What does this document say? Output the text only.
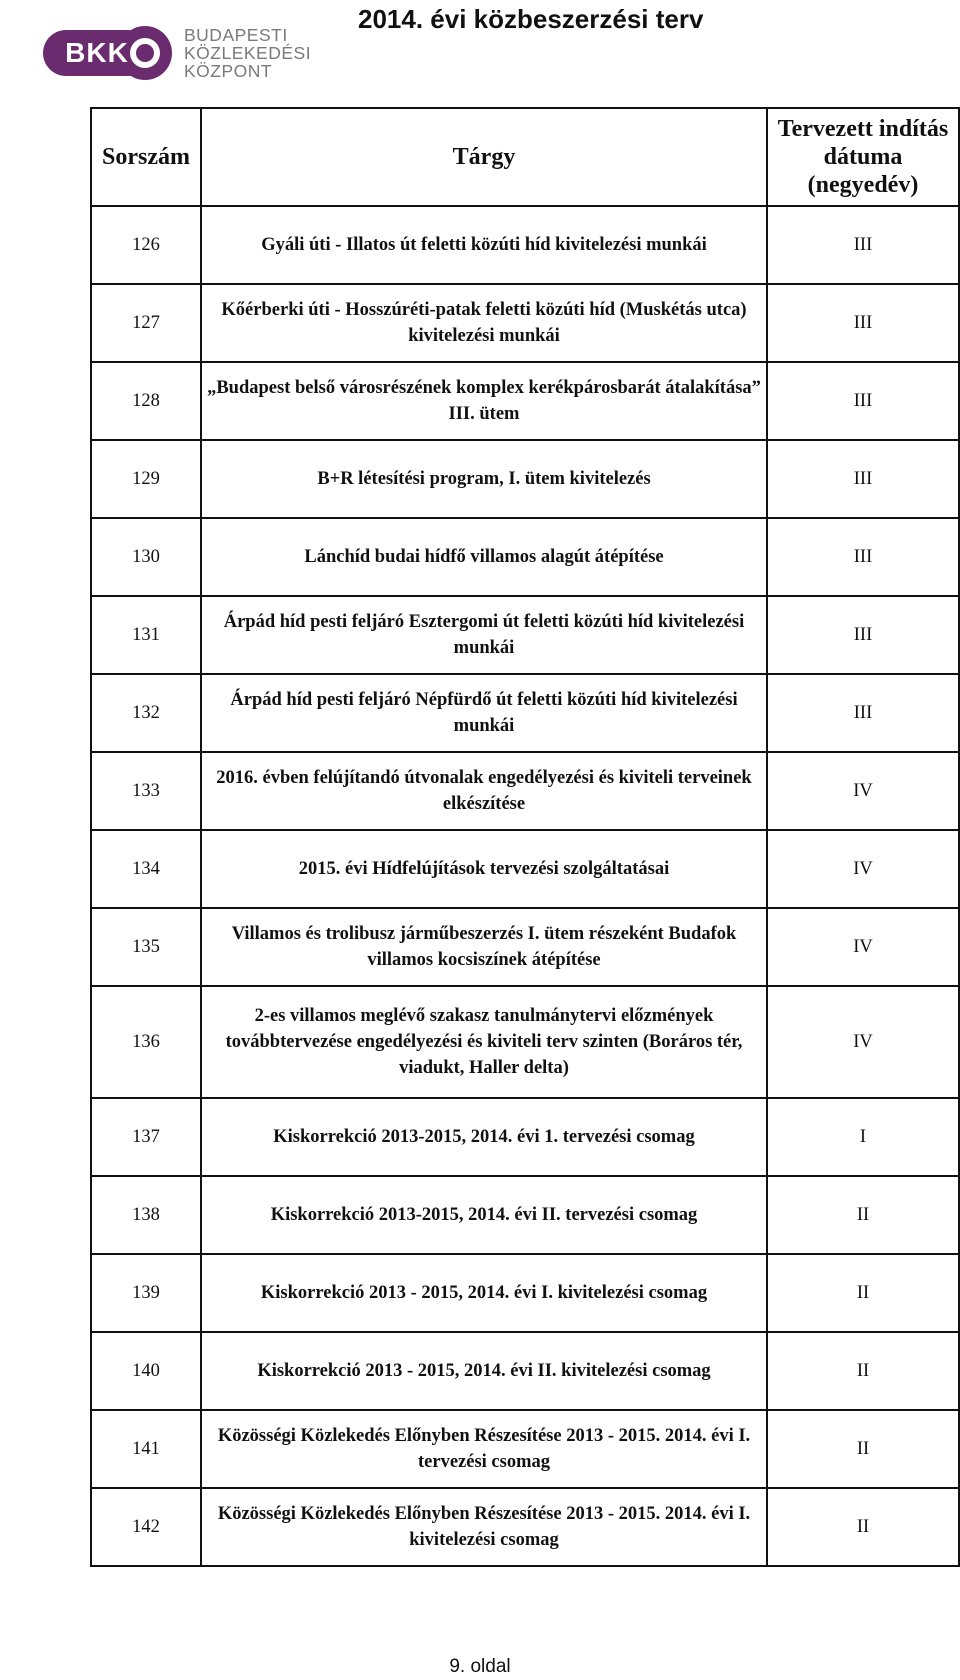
BKK
BUDAPESTI
KÖZLEKEDÉSI
KÖZPONT
2014. évi közbeszerzési terv
Sorszám	Tárgy	Tervezett indítás dátuma (negyedév)
126	Gyáli úti - Illatos út feletti közúti híd kivitelezési munkái	III
127	Kőérberki úti - Hosszúréti-patak feletti közúti híd (Muskétás utca) kivitelezési munkái	III
128	„Budapest belső városrészének komplex kerékpárosbarát átalakítása” III. ütem	III
129	B+R létesítési program, I. ütem kivitelezés	III
130	Lánchíd budai hídfő villamos alagút átépítése	III
131	Árpád híd pesti feljáró Esztergomi út feletti közúti híd kivitelezési munkái	III
132	Árpád híd pesti feljáró Népfürdő út feletti közúti híd kivitelezési munkái	III
133	2016. évben felújítandó útvonalak engedélyezési és kiviteli terveinek elkészítése	IV
134	2015. évi Hídfelújítások tervezési szolgáltatásai	IV
135	Villamos és trolibusz járműbeszerzés I. ütem részeként Budafok villamos kocsiszínek átépítése	IV
136	2-es villamos meglévő szakasz tanulmánytervi előzmények továbbtervezése engedélyezési és kiviteli terv szinten (Boráros tér, viadukt, Haller delta)	IV
137	Kiskorrekció 2013-2015, 2014. évi 1. tervezési csomag	I
138	Kiskorrekció 2013-2015, 2014. évi II. tervezési csomag	II
139	Kiskorrekció 2013 - 2015, 2014. évi I. kivitelezési csomag	II
140	Kiskorrekció 2013 - 2015, 2014. évi II. kivitelezési csomag	II
141	Közösségi Közlekedés Előnyben Részesítése 2013 - 2015. 2014. évi I. tervezési csomag	II
142	Közösségi Közlekedés Előnyben Részesítése 2013 - 2015. 2014. évi I. kivitelezési csomag	II
9. oldal
